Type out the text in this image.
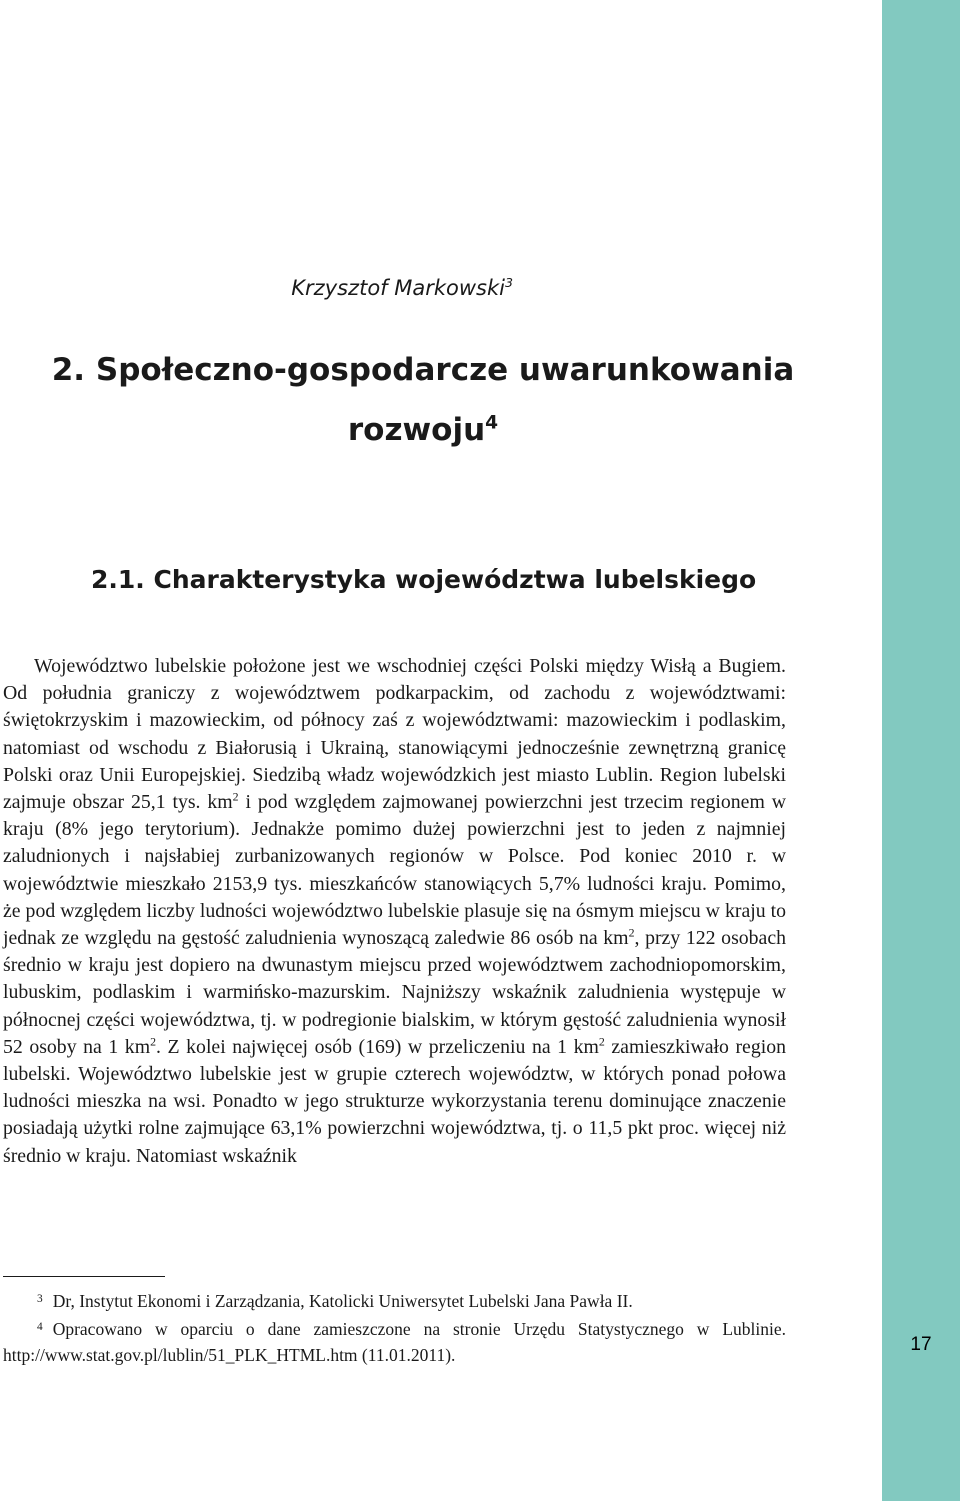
17
Krzysztof Markowski$^3$
2. Społeczno-gospodarcze uwarunkowania rozwoju$^4$
2.1. Charakterystyka województwa lubelskiego

Województwo lubelskie położone jest we wschodniej części Polski między Wisłą a Bugiem. Od południa graniczy z województwem podkarpackim, od zachodu z województwami: świętokrzyskim i mazowieckim, od północy zaś z województwami: mazowieckim i podlaskim, natomiast od wschodu z Białorusią i Ukrainą, stanowiącymi jednocześnie zewnętrzną granicę Polski oraz Unii Europejskiej. Siedzibą władz wojewódzkich jest miasto Lublin. Region lubelski zajmuje obszar 25,1 tys. $km^2$ i pod względem zajmowanej powierzchni jest trzecim regionem w kraju (8% jego terytorium). Jednakże pomimo dużej powierzchni jest to jeden z najmniej zaludnionych i najsłabiej zurbanizowanych regionów w Polsce. Pod koniec 2010 r. w województwie mieszkało 2153,9 tys. mieszkańców stanowiących 5,7% ludności kraju. Pomimo, że pod względem liczby ludności województwo lubelskie plasuje się na ósmym miejscu w kraju to jednak ze względu na gęstość zaludnienia wynoszącą zaledwie 86 osób na $km^2$, przy 122 osobach średnio w kraju jest dopiero na dwunastym miejscu przed województwem zachodniopomorskim, lubuskim, podlaskim i warmińsko-mazurskim. Najniższy wskaźnik zaludnienia występuje w północnej części województwa, tj. w podregionie bialskim, w którym gęstość zaludnienia wynosił 52 osoby na 1 $km^2$. Z kolei najwięcej osób (169) w przeliczeniu na 1 $km^2$ zamieszkiwało region lubelski. Województwo lubelskie jest w grupie czterech województw, w których ponad połowa ludności mieszka na wsi. Ponadto w jego strukturze wykorzystania terenu dominujące znaczenie posiadają użytki rolne zajmujące 63,1% powierzchni województwa, tj. o 11,5 pkt proc. więcej niż średnio w kraju. Natomiast wskaźnik

$^3$ Dr, Instytut Ekonomi i Zarządzania, Katolicki Uniwersytet Lubelski Jana Pawła II.

$^4$ Opracowano w oparciu o dane zamieszczone na stronie Urzędu Statystycznego w Lublinie. http://www.stat.gov.pl/lublin/51_PLK_HTML.htm (11.01.2011).
